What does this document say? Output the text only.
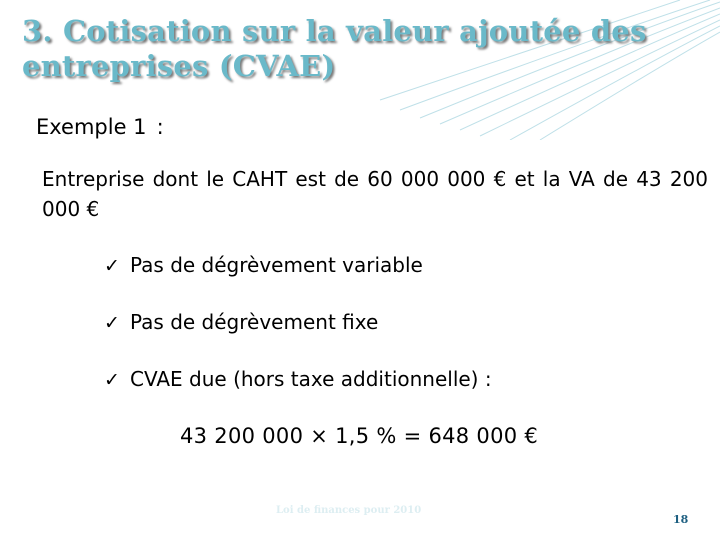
3. Cotisation sur la valeur ajoutée des entreprises (CVAE)
Exemple 1 :
Entreprise dont le CAHT est de 60 000 000 € et la VA de 43 200 000 €
✓ Pas de dégrèvement variable
✓ Pas de dégrèvement fixe
✓ CVAE due (hors taxe additionnelle) :
43 200 000 × 1,5 % = 648 000 €
Loi de finances pour 2010
18
